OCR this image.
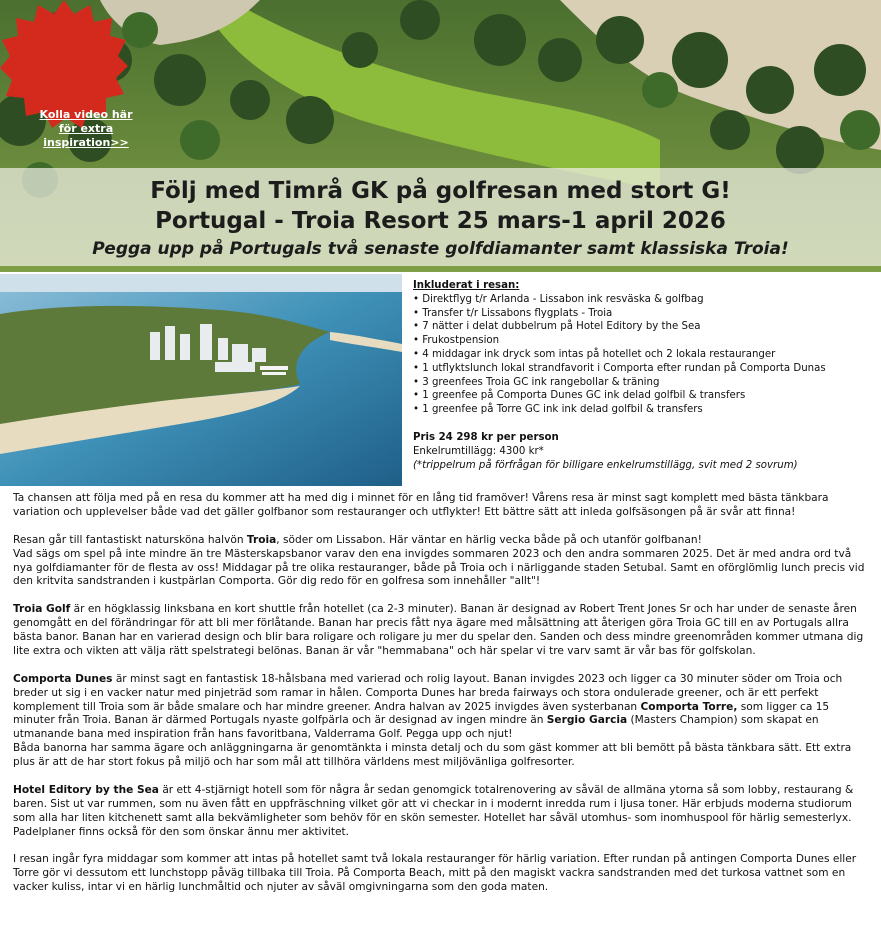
Kolla video här för extra inspiration>>
Följ med Timrå GK på golfresan med stort G!
Portugal - Troia Resort 25 mars-1 april 2026
Pegga upp på Portugals två senaste golfdiamanter samt klassiska Troia!
Inkluderat i resan:
• Direktflyg t/r Arlanda - Lissabon ink resväska & golfbag
• Transfer t/r Lissabons flygplats - Troia
• 7 nätter i delat dubbelrum på Hotel Editory by the Sea
• Frukostpension
• 4 middagar ink dryck som intas på hotellet och 2 lokala restauranger
• 1 utflyktslunch lokal strandfavorit i Comporta efter rundan på Comporta Dunas
• 3 greenfees Troia GC ink rangebollar & träning
• 1 greenfee på Comporta Dunes GC ink delad golfbil & transfers
• 1 greenfee på Torre GC ink ink delad golfbil & transfers
Pris 24 298 kr per person
Enkelrumtillägg: 4300 kr*
(*trippelrum på förfrågan för billigare enkelrumstillägg, svit med 2 sovrum)

Ta chansen att följa med på en resa du kommer att ha med dig i minnet för en lång tid framöver! Vårens resa är minst sagt komplett med bästa tänkbara variation och upplevelser både vad det gäller golfbanor som restauranger och utflykter! Ett bättre sätt att inleda golfsäsongen på är svår att finna!

Resan går till fantastiskt natursköna halvön Troia, söder om Lissabon. Här väntar en härlig vecka både på och utanför golfbanan!
Vad sägs om spel på inte mindre än tre Mästerskapsbanor varav den ena invigdes sommaren 2023 och den andra sommaren 2025. Det är med andra ord två nya golfdiamanter för de flesta av oss! Middagar på tre olika restauranger, både på Troia och i närliggande staden Setubal. Samt en oförglömlig lunch precis vid den kritvita sandstranden i kustpärlan Comporta. Gör dig redo för en golfresa som innehåller "allt"!

Troia Golf är en högklassig linksbana en kort shuttle från hotellet (ca 2-3 minuter). Banan är designad av Robert Trent Jones Sr och har under de senaste åren genomgått en del förändringar för att bli mer förlåtande. Banan har precis fått nya ägare med målsättning att återigen göra Troia GC till en av Portugals allra bästa banor. Banan har en varierad design och blir bara roligare och roligare ju mer du spelar den. Sanden och dess mindre greenområden kommer utmana dig lite extra och vikten att välja rätt spelstrategi belönas. Banan är vår "hemmabana" och här spelar vi tre varv samt är vår bas för golfskolan.

Comporta Dunes är minst sagt en fantastisk 18-hålsbana med varierad och rolig layout. Banan invigdes 2023 och ligger ca 30 minuter söder om Troia och breder ut sig i en vacker natur med pinjeträd som ramar in hålen. Comporta Dunes har breda fairways och stora ondulerade greener, och är ett perfekt komplement till Troia som är både smalare och har mindre greener. Andra halvan av 2025 invigdes även systerbanan Comporta Torre, som ligger ca 15 minuter från Troia. Banan är därmed Portugals nyaste golfpärla och är designad av ingen mindre än Sergio Garcia (Masters Champion) som skapat en utmanande bana med inspiration från hans favoritbana, Valderrama Golf. Pegga upp och njut!
Båda banorna har samma ägare och anläggningarna är genomtänkta i minsta detalj och du som gäst kommer att bli bemött på bästa tänkbara sätt. Ett extra plus är att de har stort fokus på miljö och har som mål att tillhöra världens mest miljövänliga golfresorter.

Hotel Editory by the Sea är ett 4-stjärnigt hotell som för några år sedan genomgick totalrenovering av såväl de allmäna ytorna så som lobby, restaurang & baren. Sist ut var rummen, som nu även fått en uppfräschning vilket gör att vi checkar in i modernt inredda rum i ljusa toner. Här erbjuds moderna studiorum som alla har liten kitchenett samt alla bekvämligheter som behöv för en skön semester. Hotellet har såväl utomhus- som inomhuspool för härlig semesterlyx. Padelplaner finns också för den som önskar ännu mer aktivitet.

I resan ingår fyra middagar som kommer att intas på hotellet samt två lokala restauranger för härlig variation. Efter rundan på antingen Comporta Dunes eller Torre gör vi dessutom ett lunchstopp påväg tillbaka till Troia. På Comporta Beach, mitt på den magiskt vackra sandstranden med det turkosa vattnet som en vacker kuliss, intar vi en härlig lunchmåltid och njuter av såväl omgivningarna som den goda maten.
